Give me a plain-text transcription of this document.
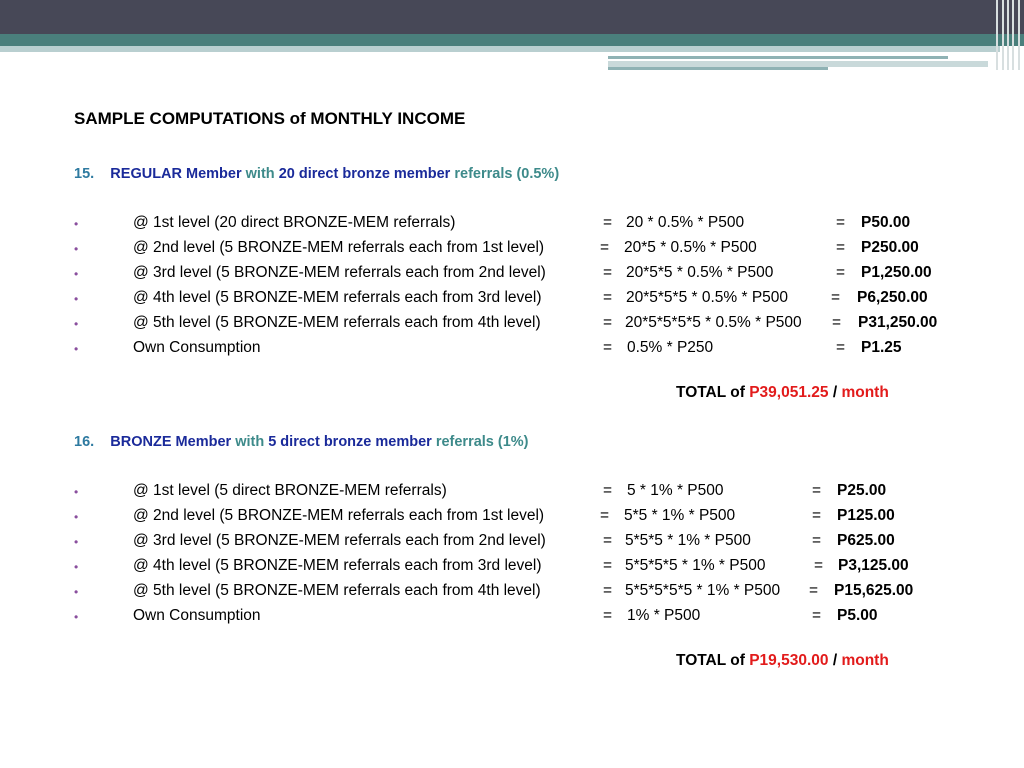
SAMPLE COMPUTATIONS of MONTHLY INCOME
15. REGULAR Member with 20 direct bronze member referrals (0.5%)
•	@ 1st level (20 direct BRONZE-MEM referrals)	= 20 * 0.5% * P500	= P50.00
•	@ 2nd level (5 BRONZE-MEM referrals each from 1st level)	= 20*5 * 0.5% * P500	= P250.00
•	@ 3rd level (5 BRONZE-MEM referrals each from 2nd level)	= 20*5*5 * 0.5% * P500	= P1,250.00
•	@ 4th level (5 BRONZE-MEM referrals each from 3rd level)	= 20*5*5*5 * 0.5% * P500	= P6,250.00
•	@ 5th level (5 BRONZE-MEM referrals each from 4th level)	= 20*5*5*5*5 * 0.5% * P500 = P31,250.00
•	Own Consumption	= 0.5% * P250	= P1.25
TOTAL of P39,051.25 / month
16. BRONZE Member with 5 direct bronze member referrals (1%)
•	@ 1st level (5 direct BRONZE-MEM referrals)	= 5 * 1% * P500	= P25.00
•	@ 2nd level (5 BRONZE-MEM referrals each from 1st level)	= 5*5 * 1% * P500	= P125.00
•	@ 3rd level (5 BRONZE-MEM referrals each from 2nd level)	= 5*5*5 * 1% * P500	= P625.00
•	@ 4th level (5 BRONZE-MEM referrals each from 3rd level)	= 5*5*5*5 * 1% * P500	= P3,125.00
•	@ 5th level (5 BRONZE-MEM referrals each from 4th level)	= 5*5*5*5*5 * 1% * P500 = P15,625.00
•	Own Consumption	= 1% * P500	= P5.00
TOTAL of P19,530.00 / month
